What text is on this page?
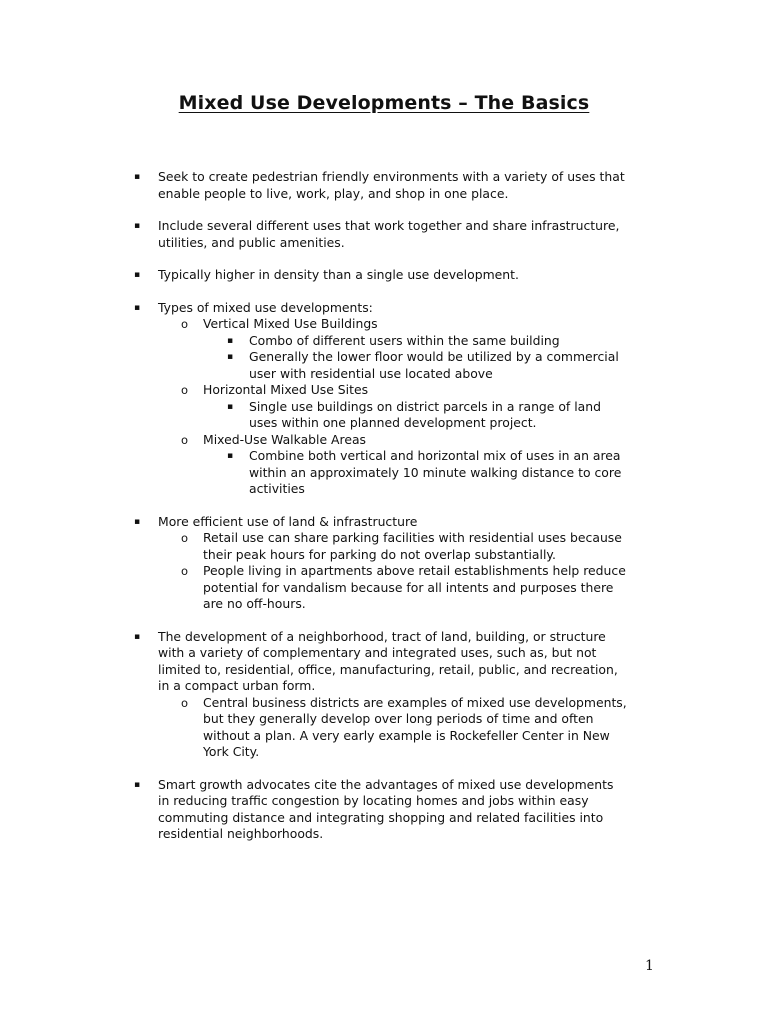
Mixed Use Developments – The Basics
▪ Seek to create pedestrian friendly environments with a variety of uses that enable people to live, work, play, and shop in one place.
▪ Include several different uses that work together and share infrastructure, utilities, and public amenities.
▪ Typically higher in density than a single use development.
▪ Types of mixed use developments:
o Vertical Mixed Use Buildings
▪ Combo of different users within the same building
▪ Generally the lower floor would be utilized by a commercial user with residential use located above
o Horizontal Mixed Use Sites
▪ Single use buildings on district parcels in a range of land uses within one planned development project.
o Mixed-Use Walkable Areas
▪ Combine both vertical and horizontal mix of uses in an area within an approximately 10 minute walking distance to core activities
▪ More efficient use of land & infrastructure
o Retail use can share parking facilities with residential uses because their peak hours for parking do not overlap substantially.
o People living in apartments above retail establishments help reduce potential for vandalism because for all intents and purposes there are no off-hours.
▪ The development of a neighborhood, tract of land, building, or structure with a variety of complementary and integrated uses, such as, but not limited to, residential, office, manufacturing, retail, public, and recreation, in a compact urban form.
o Central business districts are examples of mixed use developments, but they generally develop over long periods of time and often without a plan. A very early example is Rockefeller Center in New York City.
▪ Smart growth advocates cite the advantages of mixed use developments in reducing traffic congestion by locating homes and jobs within easy commuting distance and integrating shopping and related facilities into residential neighborhoods.
1
